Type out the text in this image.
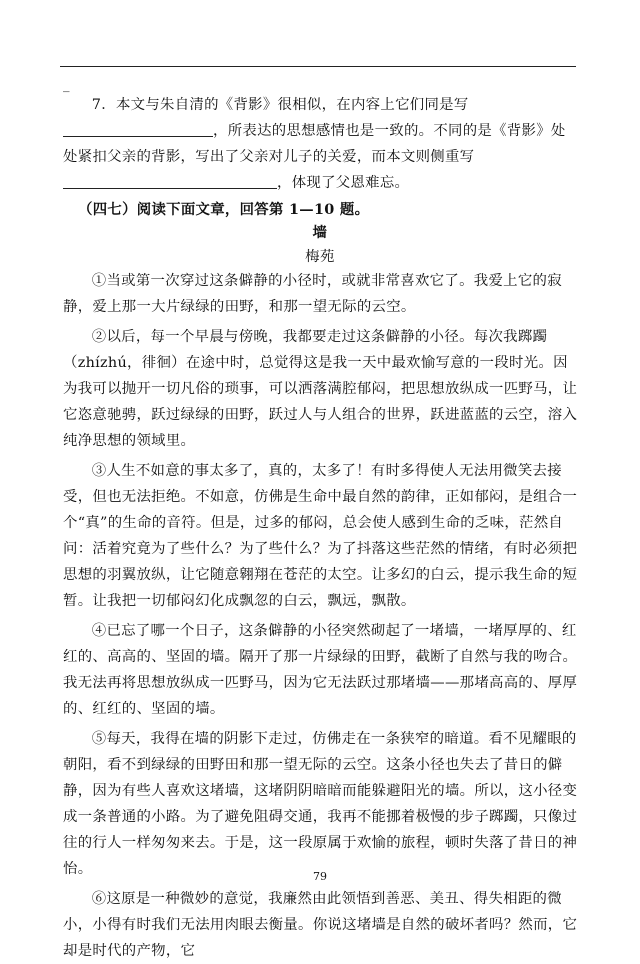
_

7．本文与朱自清的《背影》很相似，在内容上它们同是写，所表达的思想感情也是一致的。不同的是《背影》处处紧扣父亲的背影，写出了父亲对儿子的关爱，而本文则侧重写，体现了父恩难忘。

（四七）阅读下面文章，回答第 1—10 题。
墙
梅苑

①当或第一次穿过这条僻静的小径时，或就非常喜欢它了。我爱上它的寂静，爱上那一大片绿绿的田野，和那一望无际的云空。

②以后，每一个早晨与傍晚，我都要走过这条僻静的小径。每次我踯躅（zhízhú，徘徊）在途中时，总觉得这是我一天中最欢愉写意的一段时光。因为我可以抛开一切凡俗的琐事，可以洒落满腔郁闷，把思想放纵成一匹野马，让它恣意驰骋，跃过绿绿的田野，跃过人与人组合的世界，跃进蓝蓝的云空，溶入纯净思想的领域里。

③人生不如意的事太多了，真的，太多了！有时多得使人无法用微笑去接受，但也无法拒绝。不如意，仿佛是生命中最自然的韵律，正如郁闷，是组合一个“真”的生命的音符。但是，过多的郁闷，总会使人感到生命的乏味，茫然自问：活着究竟为了些什么？为了些什么？为了抖落这些茫然的情绪，有时必须把思想的羽翼放纵，让它随意翱翔在苍茫的太空。让多幻的白云，提示我生命的短暂。让我把一切郁闷幻化成飘忽的白云，飘远，飘散。

④已忘了哪一个日子，这条僻静的小径突然砌起了一堵墙，一堵厚厚的、红红的、高高的、坚固的墙。隔开了那一片绿绿的田野，截断了自然与我的吻合。我无法再将思想放纵成一匹野马，因为它无法跃过那堵墙——那堵高高的、厚厚的、红红的、坚固的墙。

⑤每天，我得在墙的阴影下走过，仿佛走在一条狭窄的暗道。看不见耀眼的朝阳，看不到绿绿的田野田和那一望无际的云空。这条小径也失去了昔日的僻静，因为有些人喜欢这堵墙，这堵阴阴暗暗而能躲避阳光的墙。所以，这小径变成一条普通的小路。为了避免阻碍交通，我再不能挪着极慢的步子踯躅，只像过往的行人一样匆匆来去。于是，这一段原属于欢愉的旅程，顿时失落了昔日的神怡。

⑥这原是一种微妙的意觉，我廉然由此领悟到善恶、美丑、得失相距的微小，小得有时我们无法用肉眼去衡量。你说这堵墙是自然的破坏者吗？然而，它却是时代的产物，它

79
